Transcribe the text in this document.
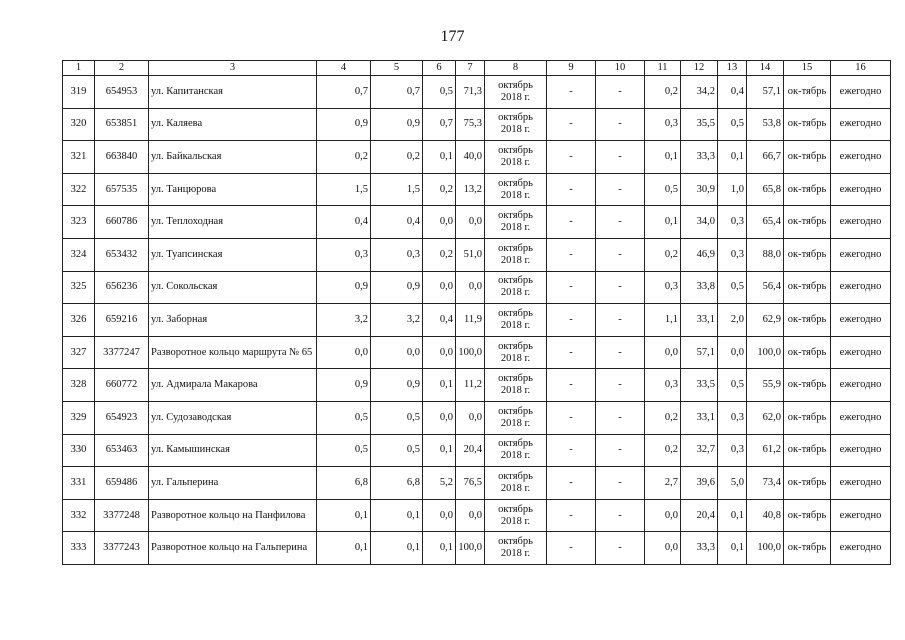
177
1	2	3	4	5	6	7	8	9	10	11	12	13	14	15	16
319	654953	ул. Капитанская	0,7	0,7	0,5	71,3	октябрь 2018 г.	-	-	0,2	34,2	0,4	57,1	ок-тябрь	ежегодно
320	653851	ул. Каляева	0,9	0,9	0,7	75,3	октябрь 2018 г.	-	-	0,3	35,5	0,5	53,8	ок-тябрь	ежегодно
321	663840	ул. Байкальская	0,2	0,2	0,1	40,0	октябрь 2018 г.	-	-	0,1	33,3	0,1	66,7	ок-тябрь	ежегодно
322	657535	ул. Танцюрова	1,5	1,5	0,2	13,2	октябрь 2018 г.	-	-	0,5	30,9	1,0	65,8	ок-тябрь	ежегодно
323	660786	ул. Теплоходная	0,4	0,4	0,0	0,0	октябрь 2018 г.	-	-	0,1	34,0	0,3	65,4	ок-тябрь	ежегодно
324	653432	ул. Туапсинская	0,3	0,3	0,2	51,0	октябрь 2018 г.	-	-	0,2	46,9	0,3	88,0	ок-тябрь	ежегодно
325	656236	ул. Сокольская	0,9	0,9	0,0	0,0	октябрь 2018 г.	-	-	0,3	33,8	0,5	56,4	ок-тябрь	ежегодно
326	659216	ул. Заборная	3,2	3,2	0,4	11,9	октябрь 2018 г.	-	-	1,1	33,1	2,0	62,9	ок-тябрь	ежегодно
327	3377247	Разворотное кольцо маршрута № 65	0,0	0,0	0,0	100,0	октябрь 2018 г.	-	-	0,0	57,1	0,0	100,0	ок-тябрь	ежегодно
328	660772	ул. Адмирала Макарова	0,9	0,9	0,1	11,2	октябрь 2018 г.	-	-	0,3	33,5	0,5	55,9	ок-тябрь	ежегодно
329	654923	ул. Судозаводская	0,5	0,5	0,0	0,0	октябрь 2018 г.	-	-	0,2	33,1	0,3	62,0	ок-тябрь	ежегодно
330	653463	ул. Камышинская	0,5	0,5	0,1	20,4	октябрь 2018 г.	-	-	0,2	32,7	0,3	61,2	ок-тябрь	ежегодно
331	659486	ул. Гальперина	6,8	6,8	5,2	76,5	октябрь 2018 г.	-	-	2,7	39,6	5,0	73,4	ок-тябрь	ежегодно
332	3377248	Разворотное кольцо на Панфилова	0,1	0,1	0,0	0,0	октябрь 2018 г.	-	-	0,0	20,4	0,1	40,8	ок-тябрь	ежегодно
333	3377243	Разворотное кольцо на Гальперина	0,1	0,1	0,1	100,0	октябрь 2018 г.	-	-	0,0	33,3	0,1	100,0	ок-тябрь	ежегодно
